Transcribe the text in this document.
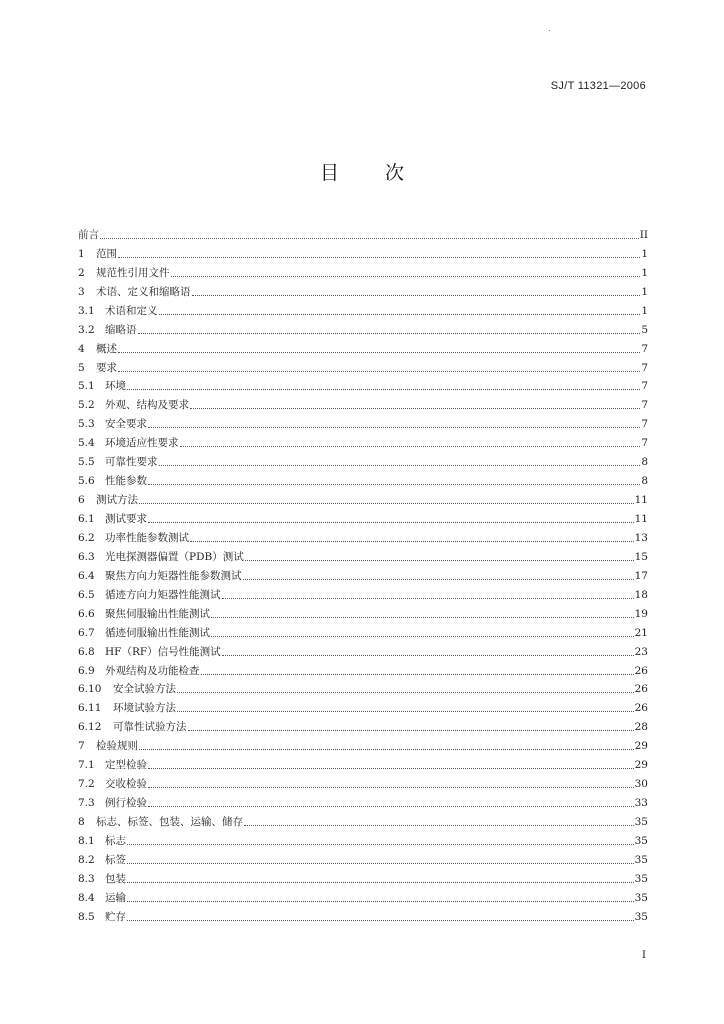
SJ/T 11321—2006
目 次
前言	II
1	范围	1
2	规范性引用文件	1
3	术语、定义和缩略语	1
3.1 术语和定义	1
3.2 缩略语	5
4	概述	7
5	要求	7
5.1 环境	7
5.2 外观、结构及要求	7
5.3 安全要求	7
5.4 环境适应性要求	7
5.5 可靠性要求	8
5.6 性能参数	8
6	测试方法	11
6.1 测试要求	11
6.2 功率性能参数测试	13
6.3 光电探测器偏置（PDB）测试	15
6.4 聚焦方向力矩器性能参数测试	17
6.5 循迹方向力矩器性能测试	18
6.6 聚焦伺服输出性能测试	19
6.7 循迹伺服输出性能测试	21
6.8 HF（RF）信号性能测试	23
6.9 外观结构及功能检查	26
6.10	安全试验方法	26
6.11	环境试验方法	26
6.12	可靠性试验方法	28
7	检验规则	29
7.1 定型检验	29
7.2 交收检验	30
7.3 例行检验	33
8	标志、标签、包装、运输、储存	35
8.1 标志	35
8.2 标签	35
8.3 包装	35
8.4 运输	35
8.5 贮存	35
I
